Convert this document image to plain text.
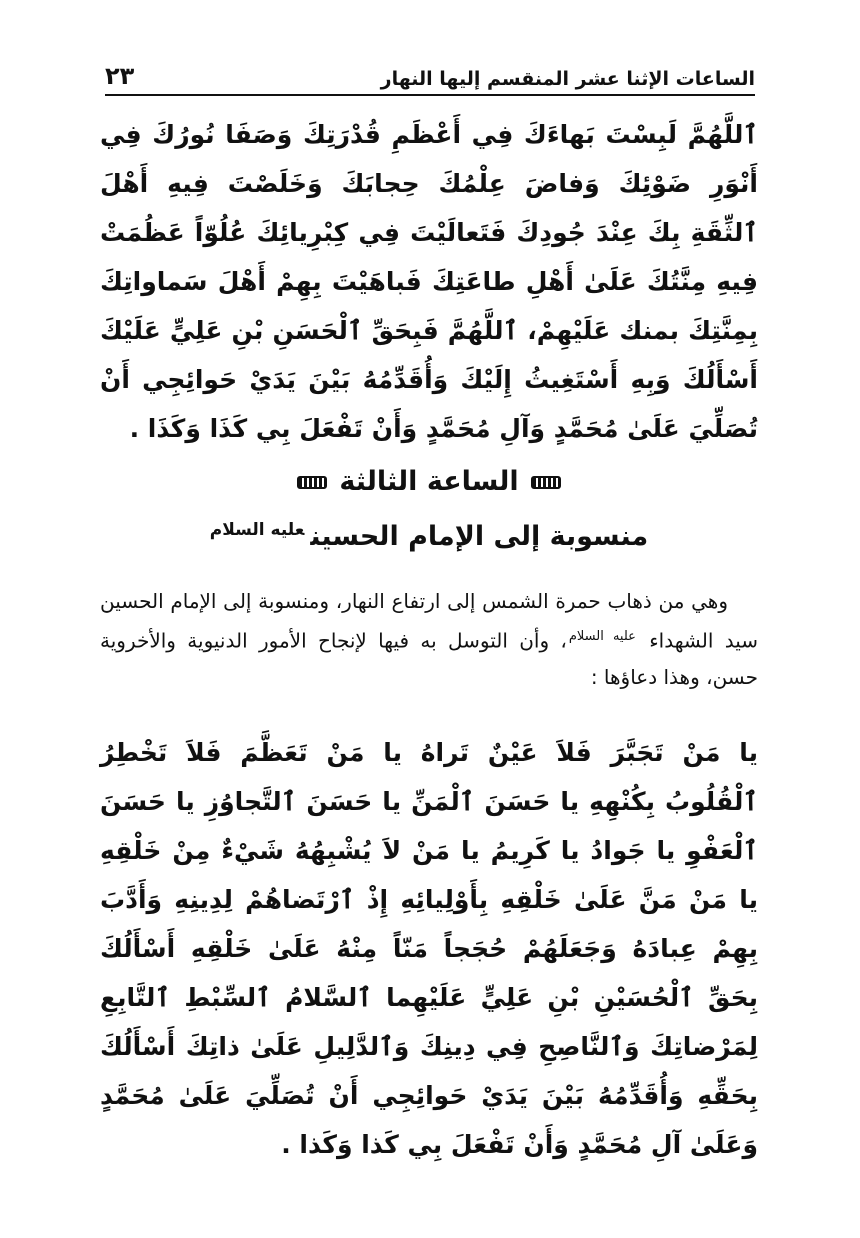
الساعات الإثنا عشر المنقسم إليها النهار
٢٣

ٱللَّهُمَّ لَبِسْتَ بَهاءَكَ فِي أَعْظَمِ قُدْرَتِكَ وَصَفَا نُورُكَ فِي أَنْوَرِ ضَوْئِكَ وَفاضَ عِلْمُكَ حِجابَكَ وَخَلَصْتَ فِيهِ أَهْلَ ٱلثِّقَةِ بِكَ عِنْدَ جُودِكَ فَتَعالَيْتَ فِي كِبْرِيائِكَ عُلُوّاً عَظُمَتْ فِيهِ مِنَّتُكَ عَلَىٰ أَهْلِ طاعَتِكَ فَباهَيْتَ بِهِمْ أَهْلَ سَماواتِكَ بِمِنَّتِكَ بمنك عَلَيْهِمْ، ٱللَّهُمَّ فَبِحَقِّ ٱلْحَسَنِ بْنِ عَلِيٍّ عَلَيْكَ أَسْأَلُكَ وَبِهِ أَسْتَغِيثُ إِلَيْكَ وَأُقَدِّمُهُ بَيْنَ يَدَيْ حَوائِجِي أَنْ تُصَلِّيَ عَلَىٰ مُحَمَّدٍ وَآلِ مُحَمَّدٍ وَأَنْ تَفْعَلَ بِي كَذَا وَكَذَا .

الساعة الثالثة
منسوبة إلى الإمام الحسين$^{عليه السلام}$

وهي من ذهاب حمرة الشمس إلى ارتفاع النهار، ومنسوبة إلى الإمام الحسين سيد الشهداء $^{عليه السلام}$، وأن التوسل به فيها لإنجاح الأمور الدنيوية والأخروية حسن، وهذا دعاؤها :

يا مَنْ تَجَبَّرَ فَلاَ عَيْنٌ تَراهُ يا مَنْ تَعَظَّمَ فَلاَ تَخْطِرُ ٱلْقُلُوبُ بِكُنْهِهِ يا حَسَنَ ٱلْمَنِّ يا حَسَنَ ٱلتَّجاوُزِ يا حَسَنَ ٱلْعَفْوِ يا جَوادُ يا كَرِيمُ يا مَنْ لاَ يُشْبِهُهُ شَيْءٌ مِنْ خَلْقِهِ يا مَنْ مَنَّ عَلَىٰ خَلْقِهِ بِأَوْلِيائِهِ إِذْ ٱرْتَضاهُمْ لِدِينِهِ وَأَدَّبَ بِهِمْ عِبادَهُ وَجَعَلَهُمْ حُجَجاً مَنّاً مِنْهُ عَلَىٰ خَلْقِهِ أَسْأَلُكَ بِحَقِّ ٱلْحُسَيْنِ بْنِ عَلِيٍّ عَلَيْهِما ٱلسَّلامُ ٱلسِّبْطِ ٱلتَّابِعِ لِمَرْضاتِكَ وَٱلنَّاصِحِ فِي دِينِكَ وَٱلدَّلِيلِ عَلَىٰ ذاتِكَ أَسْأَلُكَ بِحَقِّهِ وَأُقَدِّمُهُ بَيْنَ يَدَيْ حَوائِجِي أَنْ تُصَلِّيَ عَلَىٰ مُحَمَّدٍ وَعَلَىٰ آلِ مُحَمَّدٍ وَأَنْ تَفْعَلَ بِي كَذا وَكَذا .
